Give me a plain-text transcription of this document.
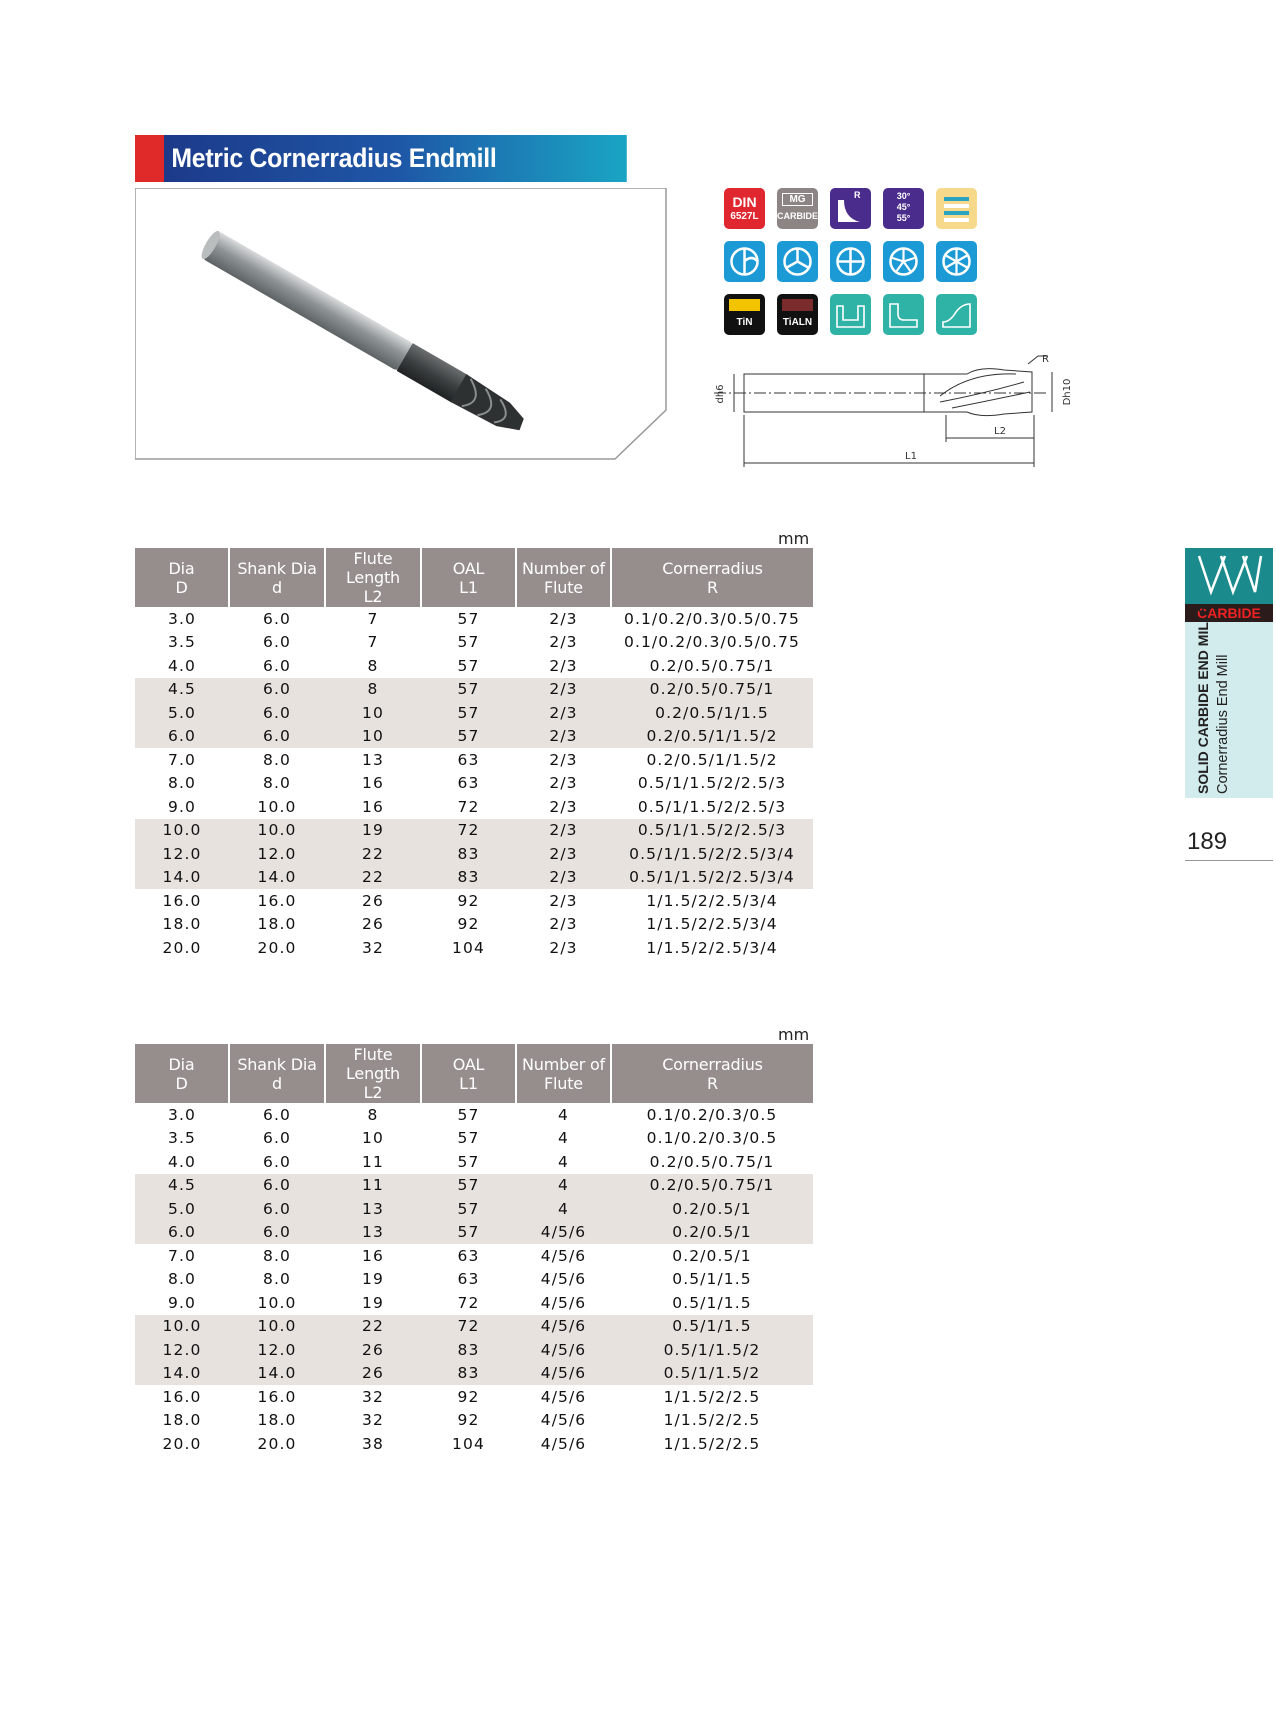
Metric Cornerradius Endmill
DIN
6527L
MG
CARBIDE
R	30°
45°
55°
TiN	TiALN
dh6	Dh10
R
L2
L1
mm
Dia
D	Shank Dia
d	Flute Length
L2	OAL
L1	Number of
Flute	Cornerradius
R
3.0	6.0	7	57	2/3	0.1/0.2/0.3/0.5/0.75
3.5	6.0	7	57	2/3	0.1/0.2/0.3/0.5/0.75
4.0	6.0	8	57	2/3	0.2/0.5/0.75/1
4.5	6.0	8	57	2/3	0.2/0.5/0.75/1
5.0	6.0	10	57	2/3	0.2/0.5/1/1.5
6.0	6.0	10	57	2/3	0.2/0.5/1/1.5/2
7.0	8.0	13	63	2/3	0.2/0.5/1/1.5/2
8.0	8.0	16	63	2/3	0.5/1/1.5/2/2.5/3
9.0	10.0	16	72	2/3	0.5/1/1.5/2/2.5/3
10.0	10.0	19	72	2/3	0.5/1/1.5/2/2.5/3
12.0	12.0	22	83	2/3	0.5/1/1.5/2/2.5/3/4
14.0	14.0	22	83	2/3	0.5/1/1.5/2/2.5/3/4
16.0	16.0	26	92	2/3	1/1.5/2/2.5/3/4
18.0	18.0	26	92	2/3	1/1.5/2/2.5/3/4
20.0	20.0	32	104	2/3	1/1.5/2/2.5/3/4
mm
Dia
D	Shank Dia
d	Flute Length
L2	OAL
L1	Number of
Flute	Cornerradius
R
3.0	6.0	8	57	4	0.1/0.2/0.3/0.5
3.5	6.0	10	57	4	0.1/0.2/0.3/0.5
4.0	6.0	11	57	4	0.2/0.5/0.75/1
4.5	6.0	11	57	4	0.2/0.5/0.75/1
5.0	6.0	13	57	4	0.2/0.5/1
6.0	6.0	13	57	4/5/6	0.2/0.5/1
7.0	8.0	16	63	4/5/6	0.2/0.5/1
8.0	8.0	19	63	4/5/6	0.5/1/1.5
9.0	10.0	19	72	4/5/6	0.5/1/1.5
10.0	10.0	22	72	4/5/6	0.5/1/1.5
12.0	12.0	26	83	4/5/6	0.5/1/1.5/2
14.0	14.0	26	83	4/5/6	0.5/1/1.5/2
16.0	16.0	32	92	4/5/6	1/1.5/2/2.5
18.0	18.0	32	92	4/5/6	1/1.5/2/2.5
20.0	20.0	38	104	4/5/6	1/1.5/2/2.5
CARBIDE
SOLID CARBIDE END MILLS Cornerradius End Mill
189
